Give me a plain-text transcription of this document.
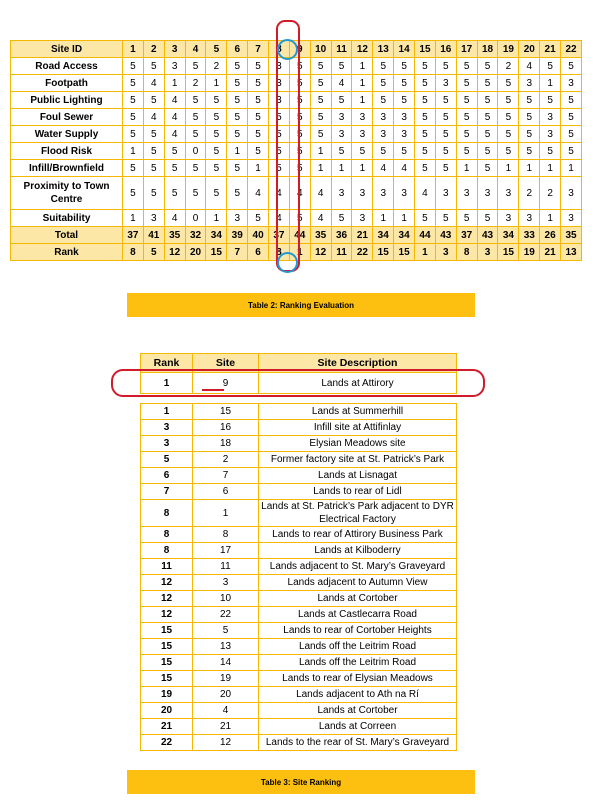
Site ID	1	2	3	4	5	6	7	8	9	10	11	12	13	14	15	16	17	18	19	20	21	22
Road Access	5	5	3	5	2	5	5	3	5	5	5	1	5	5	5	5	5	5	2	4	5	5
Footpath	5	4	1	2	1	5	5	3	5	5	4	1	5	5	5	3	5	5	5	3	1	3
Public Lighting	5	5	4	5	5	5	5	3	5	5	5	1	5	5	5	5	5	5	5	5	5	5
Foul Sewer	5	4	4	5	5	5	5	5	5	5	3	3	3	3	5	5	5	5	5	5	3	5
Water Supply	5	5	4	5	5	5	5	5	5	5	3	3	3	3	5	5	5	5	5	5	3	5
Flood Risk	1	5	5	0	5	1	5	5	5	1	5	5	5	5	5	5	5	5	5	5	5	5
Infill/Brownfield	5	5	5	5	5	5	1	5	5	1	1	1	4	4	5	5	1	5	1	1	1	1
Proximity to Town Centre	5	5	5	5	5	5	4	4	4	4	3	3	3	3	4	3	3	3	3	2	2	3
Suitability	1	3	4	0	1	3	5	4	5	4	5	3	1	1	5	5	5	5	3	3	1	3
Total	37	41	35	32	34	39	40	37	44	35	36	21	34	34	44	43	37	43	34	33	26	35
Rank	8	5	12	20	15	7	6	8	1	12	11	22	15	15	1	3	8	3	15	19	21	13
Table 2: Ranking Evaluation
Rank	Site	Site Description
1	9	Lands at Attirory

1	15	Lands at Summerhill
3	16	Infill site at Attifinlay
3	18	Elysian Meadows site
5	2	Former factory site at St. Patrick’s Park
6	7	Lands at Lisnagat
7	6	Lands to rear of Lidl
8	1	Lands at St. Patrick’s Park adjacent to DYR Electrical Factory
8	8	Lands to rear of Attirory Business Park
8	17	Lands at Kilboderry
11	11	Lands adjacent to St. Mary’s Graveyard
12	3	Lands adjacent to Autumn View
12	10	Lands at Cortober
12	22	Lands at Castlecarra Road
15	5	Lands to rear of Cortober Heights
15	13	Lands off the Leitrim Road
15	14	Lands off the Leitrim Road
15	19	Lands to rear of Elysian Meadows
19	20	Lands adjacent to Ath na Rí
20	4	Lands at Cortober
21	21	Lands at Correen
22	12	Lands to the rear of St. Mary’s Graveyard
Table 3: Site Ranking
